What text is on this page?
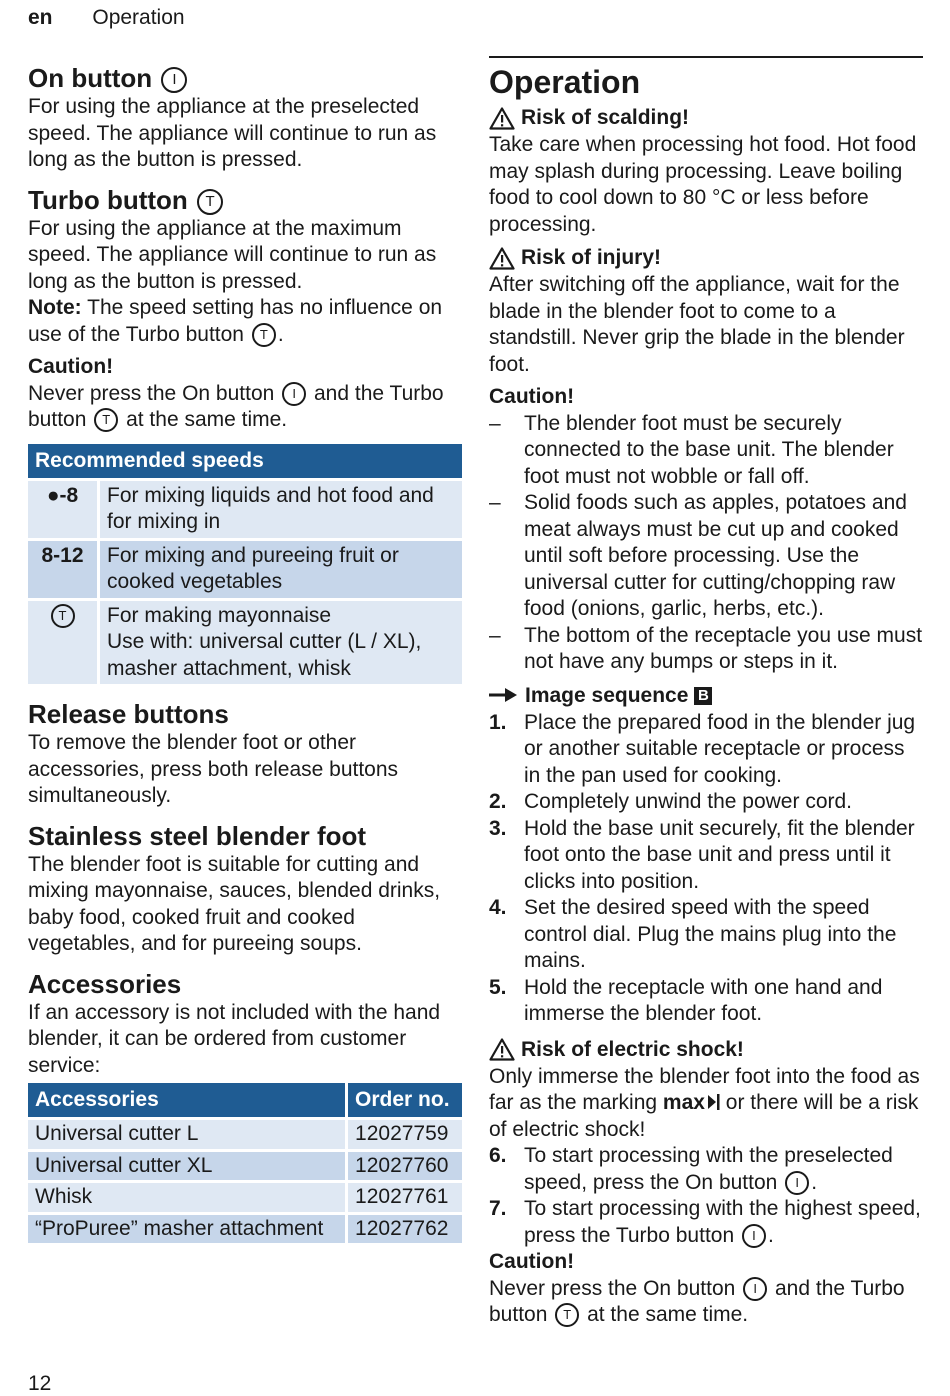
en Operation
On button I

For using the appliance at the preselected speed. The appliance will continue to run as long as the button is pressed.

Turbo button T

For using the appliance at the maximum speed. The appliance will continue to run as long as the button is pressed.

Note: The speed setting has no influence on use of the Turbo button T .

Caution!

Never press the On button I and the Turbo button T at the same time.

Recommended speeds	
●-8	For mixing liquids and hot food and for mixing in
8-12	For mixing and pureeing fruit or cooked vegetables
T	For making mayonnaise
Use with: universal cutter (L / XL), masher attachment, whisk
Release buttons

To remove the blender foot or other accessories, press both release buttons simultaneously.

Stainless steel blender foot

The blender foot is suitable for cutting and mixing mayonnaise, sauces, blended drinks, baby food, cooked fruit and cooked vegetables, and for pureeing soups.

Accessories

If an accessory is not included with the hand blender, it can be ordered from customer service:

Accessories	Order no.
Universal cutter L	12027759
Universal cutter XL	12027760
Whisk	12027761
“ProPuree” masher attachment	12027762
Operation
Risk of scalding!

Take care when processing hot food. Hot food may splash during processing. Leave boiling food to cool down to 80 °C or less before processing.

Risk of injury!

After switching off the appliance, wait for the blade in the blender foot to come to a standstill. Never grip the blade in the blender foot.

Caution!

–	The blender foot must be securely connected to the base unit. The blender foot must not wobble or fall off.
–	Solid foods such as apples, potatoes and meat always must be cut up and cooked until soft before processing. Use the universal cutter for cutting/chopping raw food (onions, garlic, herbs, etc.).
–	The bottom of the receptacle you use must not have any bumps or steps in it.
Image sequence B
1. Place the prepared food in the blender jug or another suitable receptacle or process in the pan used for cooking.
2. Completely unwind the power cord.
3. Hold the base unit securely, fit the blender foot onto the base unit and press until it clicks into position.
4. Set the desired speed with the speed control dial. Plug the mains plug into the mains.
5. Hold the receptacle with one hand and immerse the blender foot.
Risk of electric shock!

Only immerse the blender foot into the food as far as the marking max or there will be a risk of electric shock!

6. To start processing with the preselected speed, press the On button I .
7. To start processing with the highest speed, press the Turbo button I .

Caution!

Never press the On button I and the Turbo button T at the same time.

12
